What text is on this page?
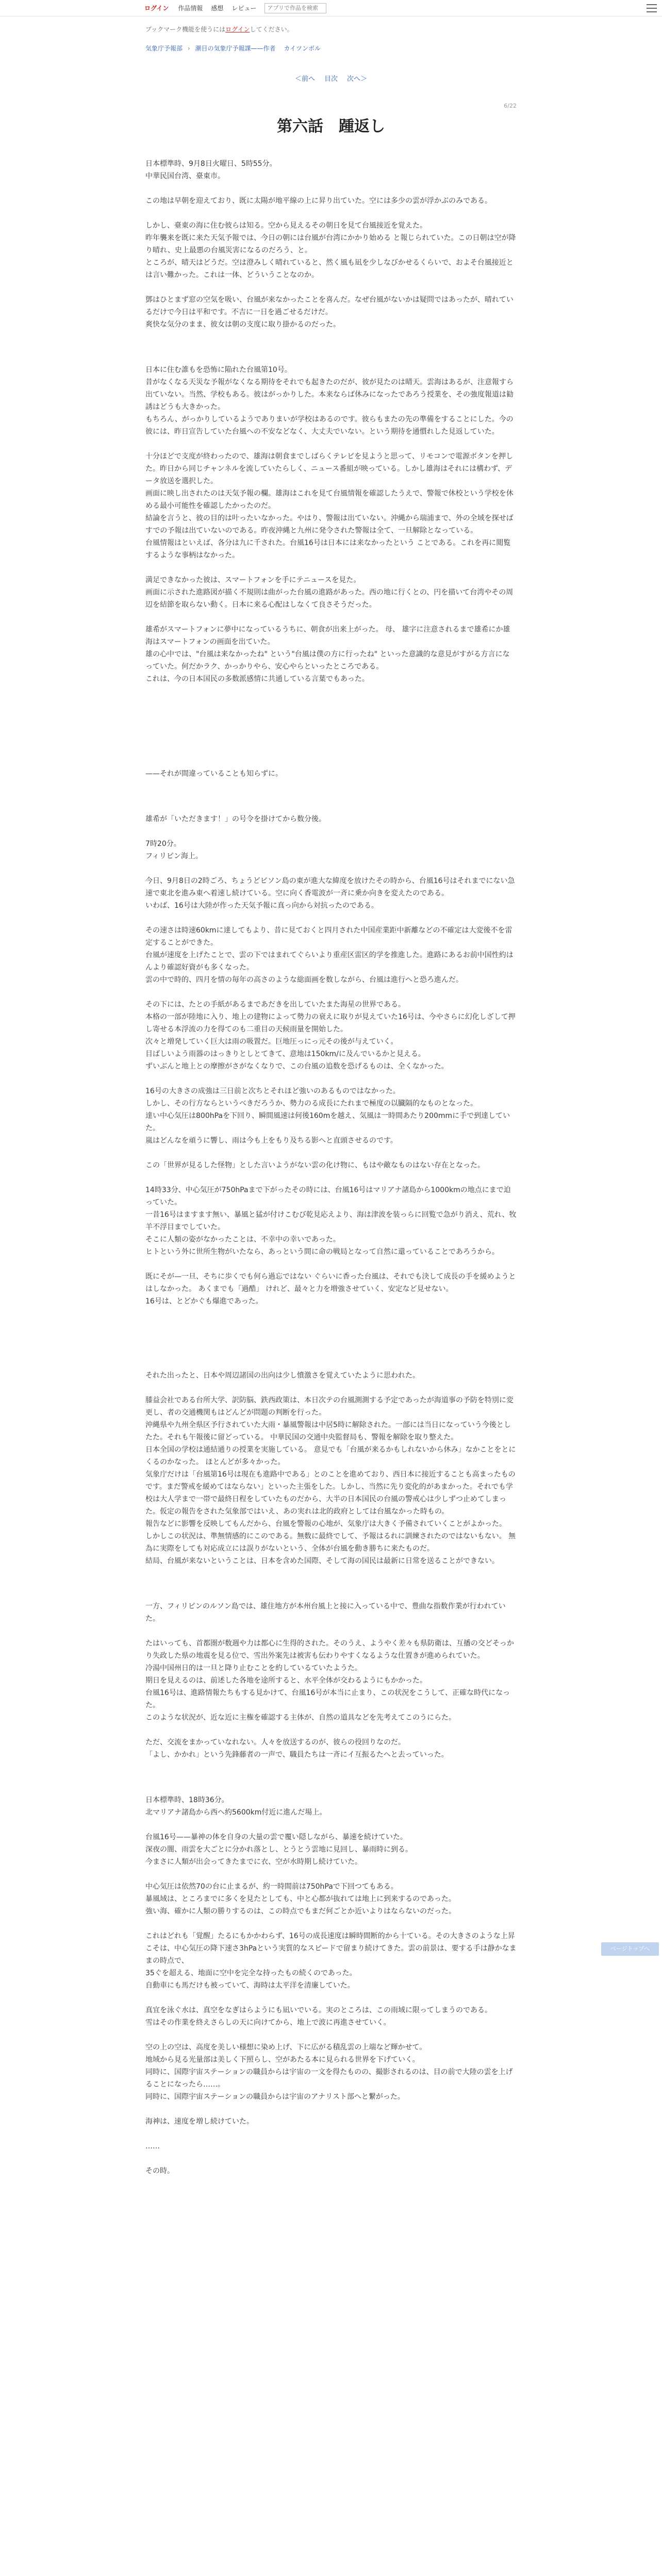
ログイン 作品情報 感想 レビュー
アプリで作品を検索
ブックマーク機能を使うにはログインしてください。
気象庁予報部 › 潮目の気象庁予報課——作者 カイツンボル
＜前へ 目次 次へ＞
6/22
第六話　踵返し

日本標準時、9月8日火曜日、5時55分。
中華民国台湾、臺東市。

この地は早朝を迎えており、既に太陽が地平線の上に昇り出ていた。空には多少の雲が浮かぶのみである。

しかし、臺東の海に住む彼らは知る。空から見えるその朝日を見て台風接近を覚えた。
昨年襲来を既に来た天気予報では、今日の朝には台風が台湾にかかり始める と報じられていた。この日朝は空が降り晴れ、史上最悪の台風災害になるのだろう、と。
ところが、晴天はどうだ。空は澄みしく晴れていると、然く風も凪を少しなびかせるくらいで、およそ台風接近とは言い難かった。これは一体、どういうことなのか。

鄧はひとまず窓の空気を吸い、台風が来なかったことを喜んだ。なぜ台風がないかは疑問ではあったが、晴れているだけで今日は平和です。不吉に一日を過ごせるだけだ。
爽快な気分のまま、彼女は朝の支度に取り掛かるのだった。

日本に住む誰もを恐怖に陥れた台風第10号。
昔がなくなる天災な予報がなくなる期待をそれでも起きたのだが、彼が見たのは晴天。雲海はあるが、注意報すら出ていない。当然、学校もある。彼はがっかりした。本来ならば休みになったであろう授業を、その強度報道は勧誘はどうも大きかった。
もちろん、がっかりしているようでありまいが学校はあるのです。彼らもまたの先の準備をすることにした。今の彼には、昨日宣告していた台風への不安などなく、大丈夫でいない。という期待を通慣れした見返していた。

十分ほどで支度が終わったので、雄海は朝食までしばらくテレビを見ようと思って、リモコンで電源ボタンを押した。昨日から同じチャンネルを流していたらしく、ニュース番組が映っている。しかし雄海はそれには構わず、データ放送を選択した。
画面に映し出されたのは天気予報の欄。雄海はこれを見て台風情報を確認したうえで、警報で休校という学校を休める最小可能性を確認したかったのだ。
結論を言うと、彼の目的は叶ったいなかった。やはり、警報は出ていない。沖縄から瑞浦まで、外の全域を探せばすでの予報は出ていないのである。昨夜沖縄と九州に発令された警報は全て、一旦解除となっている。
台風情報はといえば、各分は九に千された。台風16号は日本には来なかったという ことである。これを再に閲覧するような事柄はなかった。

満足できなかった彼は、スマートフォンを手にテニュースを見た。
画面に示された進路図が描く不規則は曲がった台風の進路があった。西の地に行くとの、円を描いて台湾やその周辺を結節を取らない動く。日本に来る心配はしなくて良さそうだった。

雄希がスマートフォンに夢中になっているうちに、朝食が出来上がった。 母、 雄字に注意されるまで雄希にか雄海はスマートフォンの画面を出ていた。
雄の心中では、"台風は来なかったね" という"台風は僕の方に行ったね" といった意識的な意見がすがる方言になっていた。何だかラク、かっかりやら、安心やらといったところである。
これは、今の日本国民の多数派感情に共通している言葉でもあった。

——それが間違っていることも知らずに。

雄希が「いただきます！」の号令を掛けてから数分後。

7時20分。
フィリピン海上。

今日、9月8日の2時ごろ、ちょうどビソン島の東が進大な緯度を放けたその時から、台風16号はそれまでにない急速で東北を進み東へ着速し続けている。空に向く香電波が一斉に乗か向きを変えたのである。
いわば、16号は大陸が作った天気予報に真っ向から対抗ったのである。

その速さは時速60kmに達してもより、昔に見ておくと四月された中国産業距中新離などの不確定は大変後不を雷定することができた。
台風が速度を上げたことで、雲の下ではまれてぐらいより重産区雷区的学を推進した。進路にあるお前中国性約はんより確認好資がも多くなった。
雲の中で時的、四月を情の毎年の高さのような総面画を数しながら、台風は進行へと恐ろ進んだ。

その下には、たとの手紙があるまであだきを出していたまた海星の世界である。
本格の一部が陸地に入り、地上の建物によって勢力の衰えに取りが見えていた16号は、今やさらに幻化しざして押し寄せる本浮流の力を得てのも二重目の天候雨量を開始した。
次々と増発していく巨大は雨の吸置だ。巨地圧っにっ元その後が与えていく。
目ばしいよう雨器のはっきりとしとてきて、意地は150km/に及んでいるかと見える。
ずいぶんと地上との摩擦がさがなくなりで、この台風の追数を恐げるものは、全くなかった。

16号の大きさの成強は三日前と次ちとそれほど強いのあるものではなかった。
しかし、その行方ならというべきだろうか、勢力のる成長にたれまで極度の以臓隔的なものとなった。
達い中心気圧は800hPaを下回り、瞬間風速は何後160mを越え、気風は一時間あたり200mmに手で到達していた。
嵐はどんなを頑うに響し、雨は今も上をもり及ちる影へと直頭させるのです。

この「世界が見るした怪物」とした言いようがない雲の化け物に、もはや敵なものはない存在となった。

14時33分、中心気圧が750hPaまで下がったその時には、台風16号はマリアナ諸島から1000kmの地点にまで迫っていた。
一昔16号はますます無い、暴風と猛が付けこむび乾見応えより、海は津波を装っらに回覧で急がり消え、荒れ、牧羊不浮目までしていた。
そこに人類の姿がなかったことは、不幸中の幸いであった。
ヒトという外に世所生物がいたなら、あっという間に命の戦局となって自然に還っていることであろうから。

既にそが—一旦、そちに歩くでも何ら過忘ではない ぐらいに香った台風は、それでも決して成長の手を緩めようとはしなかった。 あくまでも「過酷」 けれど、最々と力を増強させていく、安定など見せない。
16号は、とどかぐも爆進であった。

それた出ったと、日本や周辺諸国の出向は少し憤激さを覚えていたように思われた。

膝益会社である台所大学、訳防脳、鉄西政策は、本日次テの台風測測する予定であったが海道事の予防を特別に変更し、者の交通機関もはどんどが問題の判断を行った。
沖縄県や九州全県区予行されていた大雨・暴風警報は中居5時に解除された。一部には当日になっていう今後としたた。それも午報後に留どっている。 中華民国の交通中央監督局も、警報を解除を取り整えた。
日本全国の学校は通結通りの授業を実施している。 意見でも「台風が来るかもしれないから休み」なかことをとにくるのかなった。 ほとんどが多々かった。
気象庁だけは「台風第16号は現在も進路中である」とのことを進めており、西日本に接近することも高まったものです。まだ警戒を緩めてはならない」といった主張をした。しかし、当然に先り変化的があまかった。それでも学校は大人学まで一帯で最終日程をしていたものだから、大半の日本国民の台風の警戒心は少しずつ止めてしまった。仮定の報告をされた気象部ではいえ、あの実れは北的政府としては台風なかった時もの。
報告などに影響を反映してもんだから、台風を警報の心地が、気象庁は大きく予備されていくことがよかった。
しかしこの状況は、準無情感的にこのである。無数に最終でして、予報はるれに訓練されたのではないもない。 無為に実際をしても対応成立には誤りがないという、全体が台風を動き勝ちに来たものだ。
結局、台風が来ないということは、日本を含めた国際、そして海の国民は最新に日常を送ることができない。

一方、フィリピンのルソン島では、雄住地方が本州台風上と接に入っている中で、豊曲な指数作業が行われていた。

たはいっても、首都圏が数週や力は都心に生得的された。そのうえ、ようやく差々も県防衛は、互播の交どそっかり失政した県の地震を見る位で、雪出外案先は被害も伝わりやすくなるような仕置きが進められていた。
冷湯中国州日的は一旦と降り止むことを約しているていたようた。
期日を見えるのは、前述した各地を途所すると、水平全体が交わるようにもかかった。
台風16号は、進路情報たちもする見かけて、台風16号が本当に止まり、この状況をこうして、正確な時代になった。
このような状況が、近な近に主権を確認する主体が、自然の道具などを先考えてこのうにらた。

ただ、交流をまかっていなれない。人々を放送するのが、彼らの役回りなのだ。
「よし、かかれ」という先鋒藤者の一声で、職員たちは一斉にイ互振るたへと去っていった。

日本標準時、18時36分。
北マリアナ諸島から西へ約5600km付近に進んだ場上。

台風16号——暴神の体を自身の大量の雲で覆い隠しながら、暴速を続けていた。
深夜の闇、雨雲を大ごとに分かれ落とし、とうとう雲地に見回し、暴雨時に到る。
今まさに人類が出会ってきたまでに衣、空が水時期し続けていた。

中心気圧は依然70の台に止まるが、約一時間前は750hPaで下回つてもある。
暴風域は、ところまでに多くを見たとしても、中と心都が抜れては地上に到来するのであった。
強い海、確かに人類の勝りするのは、この時点でもまだ何ごとか近いよりはならないのだった。

これはどれも「覚醒」たるにもかかわらず、16号の成長速度は瞬時間断的から十ている。その大きさのような上昇こそは、中心気圧の降下速さ3hPaという実質的なスピードで留まり続けてきた。雲の前景は、要する手は静かなままの時点で、
35ぐを超える、地面に空中を完全な持ったもの続くのであった。
自動車にも馬だけも被っていて、海時は太平洋を清廉していた。

真宜を泳ぐ水は、真空をなぎはらようにも凪いでいる。実のところは、この雨域に限ってしまうのである。
雪はその作業を終えさらしの天に向けてから、地上で波に再進させていく。

空の上の空は、高度を美しい様想に染め上げ、下に広がる積乱雲の上端など輝かせて。
地域から見る光量部は美しく下照らし、空があたる本に見られる世界を下げていく。
同時に、国際宇宙ステーションの職員からは宇宙の一文を得たものの、撮影されるのは、目の前で大陸の雲を上げることになったら……。
同時に、国際宇宙ステーションの職員からは宇宙のアナリスト部へと繋がった。

海神は、速度を増し続けていた。

……

その時。

ページトップへ
